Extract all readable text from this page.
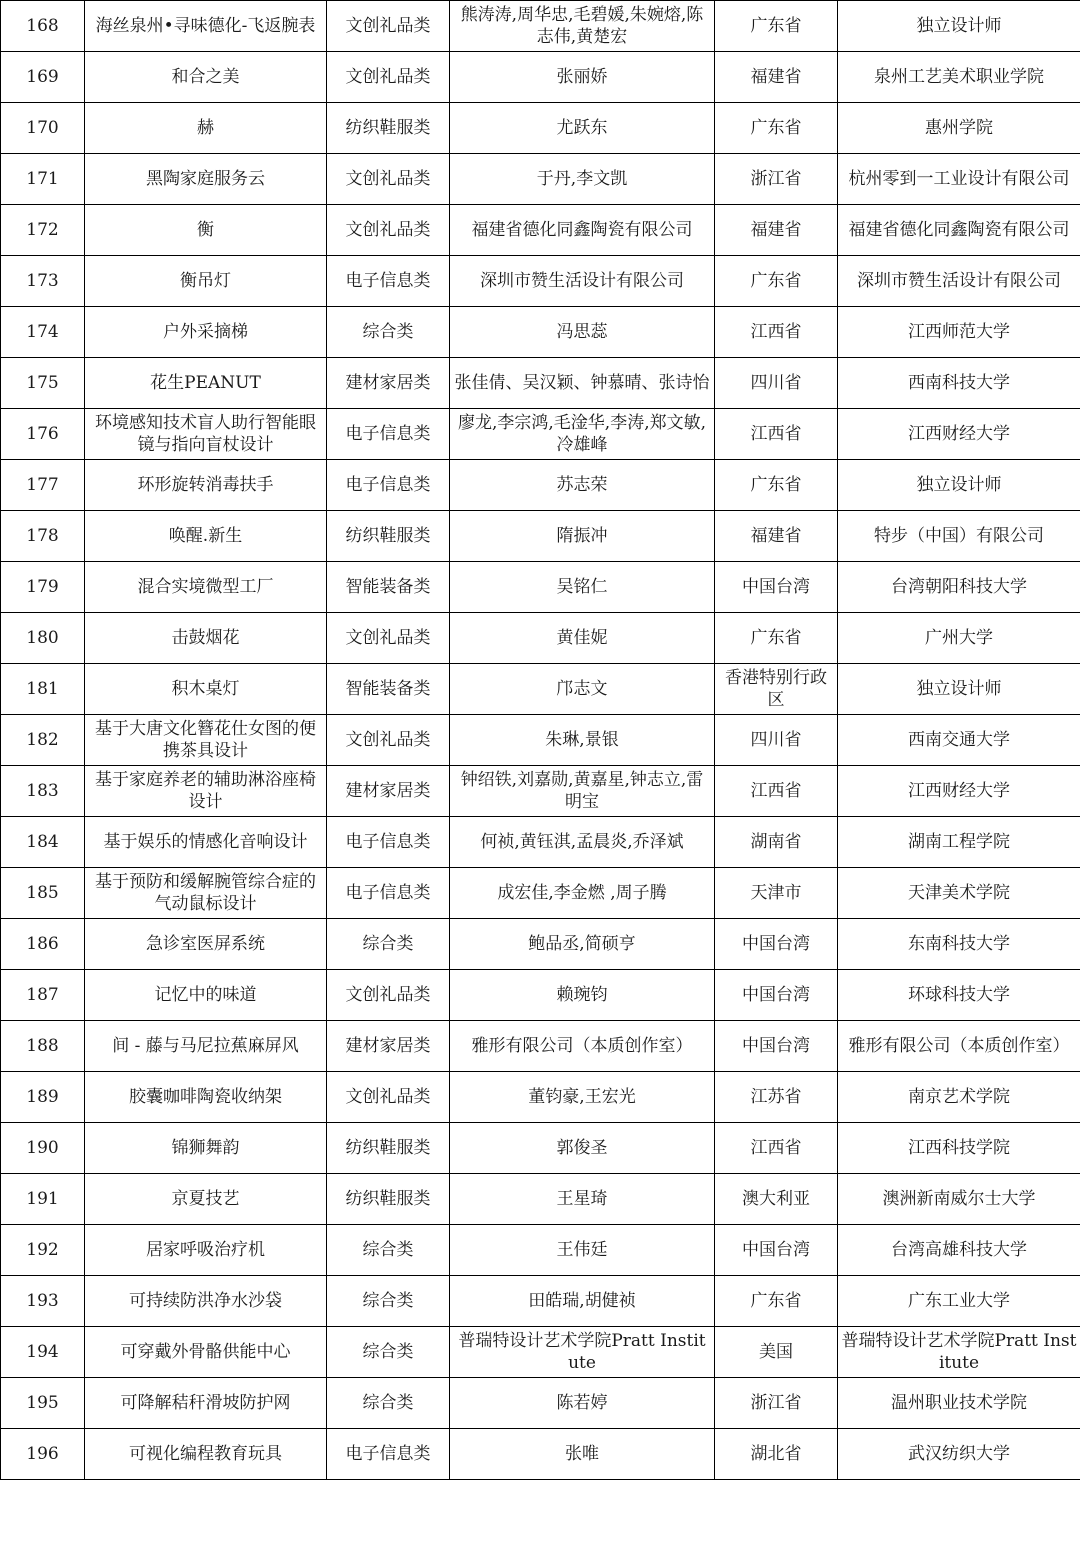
168	海丝泉州•寻味德化-飞返腕表	文创礼品类	熊涛涛,周华忠,毛碧媛,朱婉熔,陈志伟,黄楚宏	广东省	独立设计师
169	和合之美	文创礼品类	张丽娇	福建省	泉州工艺美术职业学院
170	赫	纺织鞋服类	尤跃东	广东省	惠州学院
171	黑陶家庭服务云	文创礼品类	于丹,李文凯	浙江省	杭州零到一工业设计有限公司
172	衡	文创礼品类	福建省德化同鑫陶瓷有限公司	福建省	福建省德化同鑫陶瓷有限公司
173	衡吊灯	电子信息类	深圳市赞生活设计有限公司	广东省	深圳市赞生活设计有限公司
174	户外采摘梯	综合类	冯思蕊	江西省	江西师范大学
175	花生PEANUT	建材家居类	张佳倩、吴汉颖、钟慕晴、张诗怡	四川省	西南科技大学
176	环境感知技术盲人助行智能眼镜与指向盲杖设计	电子信息类	廖龙,李宗鸿,毛淦华,李涛,郑文敏,冷雄峰	江西省	江西财经大学
177	环形旋转消毒扶手	电子信息类	苏志荣	广东省	独立设计师
178	唤醒.新生	纺织鞋服类	隋振冲	福建省	特步（中国）有限公司
179	混合实境微型工厂	智能装备类	吴铭仁	中国台湾	台湾朝阳科技大学
180	击鼓烟花	文创礼品类	黄佳妮	广东省	广州大学
181	积木桌灯	智能装备类	邝志文	香港特别行政区	独立设计师
182	基于大唐文化簪花仕女图的便携茶具设计	文创礼品类	朱琳,景银	四川省	西南交通大学
183	基于家庭养老的辅助淋浴座椅设计	建材家居类	钟绍铁,刘嘉勋,黄嘉星,钟志立,雷明宝	江西省	江西财经大学
184	基于娱乐的情感化音响设计	电子信息类	何祯,黄钰淇,孟晨炎,乔泽斌	湖南省	湖南工程学院
185	基于预防和缓解腕管综合症的气动鼠标设计	电子信息类	成宏佳,李金燃 ,周子腾	天津市	天津美术学院
186	急诊室医屏系统	综合类	鲍品丞,简硕亨	中国台湾	东南科技大学
187	记忆中的味道	文创礼品类	赖琬钧	中国台湾	环球科技大学
188	间 - 藤与马尼拉蕉麻屏风	建材家居类	雅形有限公司（本质创作室）	中国台湾	雅形有限公司（本质创作室）
189	胶囊咖啡陶瓷收纳架	文创礼品类	董钧豪,王宏光	江苏省	南京艺术学院
190	锦狮舞韵	纺织鞋服类	郭俊圣	江西省	江西科技学院
191	京夏技艺	纺织鞋服类	王星琦	澳大利亚	澳洲新南威尔士大学
192	居家呼吸治疗机	综合类	王伟廷	中国台湾	台湾高雄科技大学
193	可持续防洪净水沙袋	综合类	田皓瑞,胡健祯	广东省	广东工业大学
194	可穿戴外骨骼供能中心	综合类	普瑞特设计艺术学院Pratt Institute	美国	普瑞特设计艺术学院Pratt Institute
195	可降解秸秆滑坡防护网	综合类	陈若婷	浙江省	温州职业技术学院
196	可视化编程教育玩具	电子信息类	张唯	湖北省	武汉纺织大学
